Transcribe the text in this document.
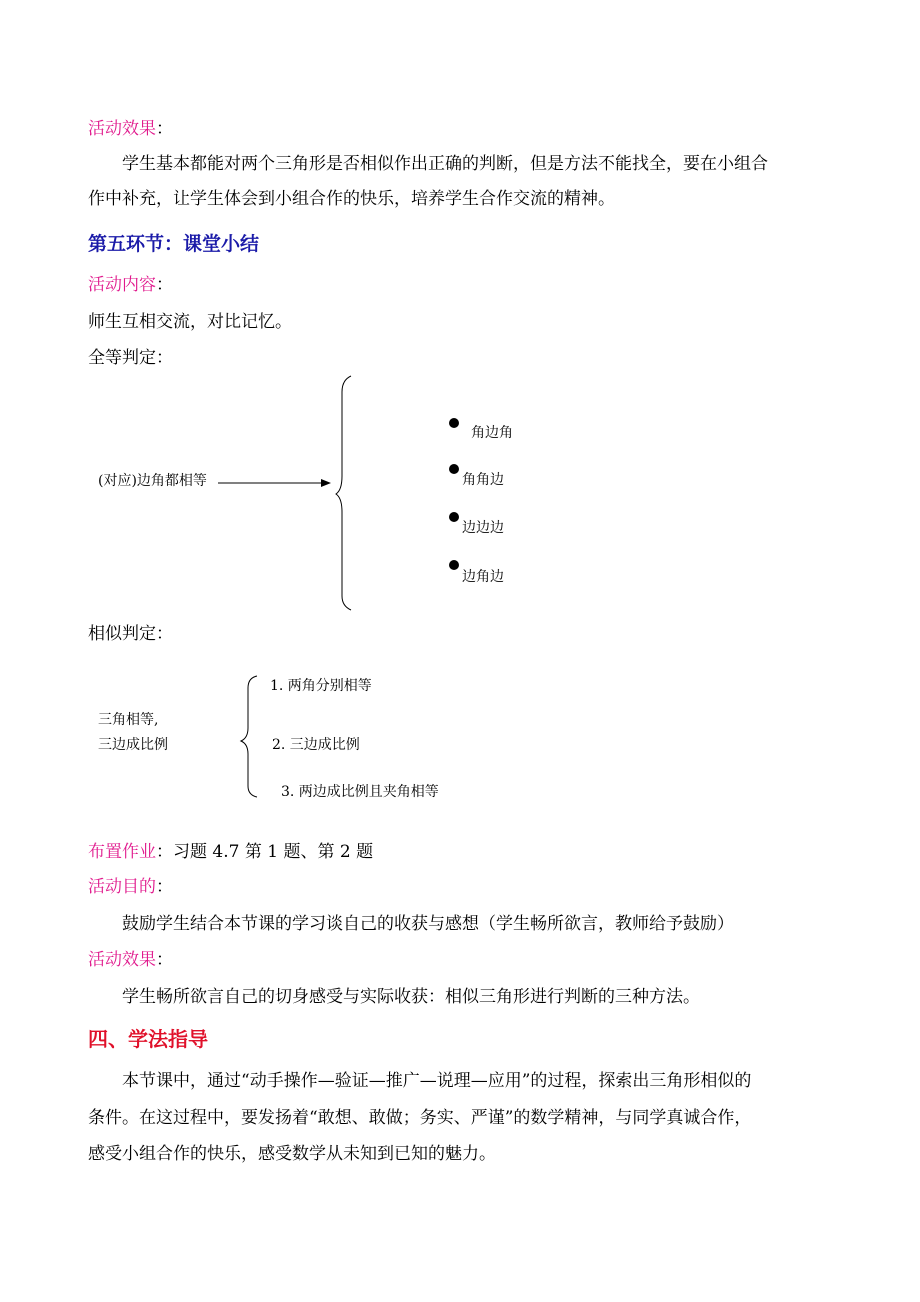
活动效果：
学生基本都能对两个三角形是否相似作出正确的判断，但是方法不能找全，要在小组合
作中补充，让学生体会到小组合作的快乐，培养学生合作交流的精神。
第五环节：课堂小结
活动内容：
师生互相交流，对比记忆。
全等判定：
(对应)边角都相等
角边角
角角边
边边边
边角边
相似判定：
三角相等,
三边成比例
1. 两角分别相等
2. 三边成比例
3. 两边成比例且夹角相等
布置作业：习题 4.7 第 1 题、第 2 题
活动目的：
鼓励学生结合本节课的学习谈自己的收获与感想（学生畅所欲言，教师给予鼓励）
活动效果：
学生畅所欲言自己的切身感受与实际收获：相似三角形进行判断的三种方法。
四、学法指导
本节课中，通过“动手操作—验证—推广—说理—应用”的过程，探索出三角形相似的
条件。在这过程中，要发扬着“敢想、敢做；务实、严谨”的数学精神，与同学真诚合作，
感受小组合作的快乐，感受数学从未知到已知的魅力。
